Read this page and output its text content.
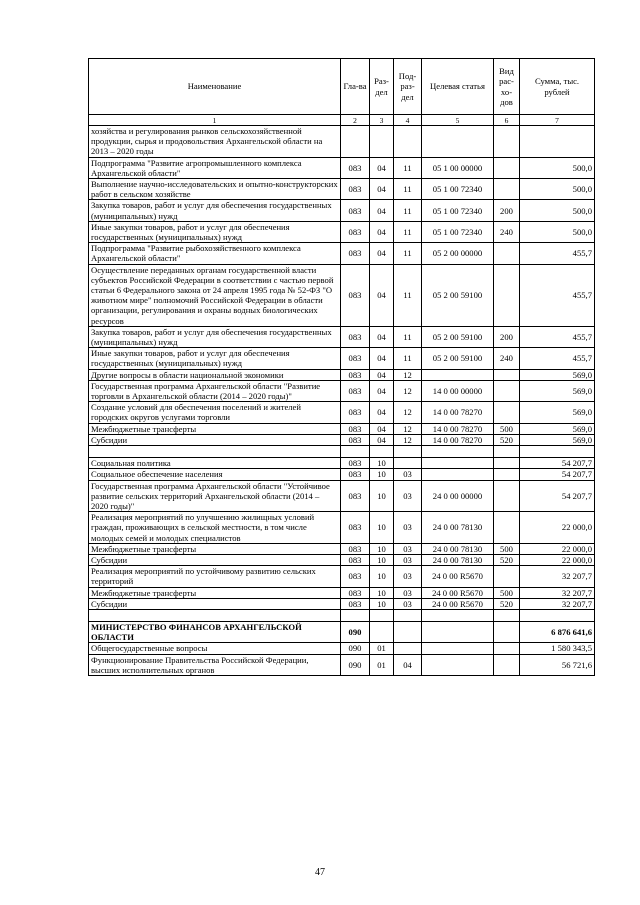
Наименование	Гла-ва	Раз-дел	Под-раз-дел	Целевая статья	Вид рас-хо-дов	Сумма, тыс. рублей
1	2	3	4	5	6	7
хозяйства и регулирования рынков сельскохозяйственной продукции, сырья и продовольствия Архангельской области на 2013 – 2020 годы						
Подпрограмма "Развитие агропромышленного комплекса Архангельской области"	083	04	11	05 1 00 00000		500,0
Выполнение научно-исследовательских и опытно-конструкторских работ в сельском хозяйстве	083	04	11	05 1 00 72340		500,0
Закупка товаров, работ и услуг для обеспечения государственных (муниципальных) нужд	083	04	11	05 1 00 72340	200	500,0
Иные закупки товаров, работ и услуг для обеспечения государственных (муниципальных) нужд	083	04	11	05 1 00 72340	240	500,0
Подпрограмма "Развитие рыбохозяйственного комплекса Архангельской области"	083	04	11	05 2 00 00000		455,7
Осуществление переданных органам государственной власти субъектов Российской Федерации в соответствии с частью первой статьи 6 Федерального закона от 24 апреля 1995 года № 52-ФЗ "О животном мире" полномочий Российской Федерации в области организации, регулирования и охраны водных биологических ресурсов	083	04	11	05 2 00 59100		455,7
Закупка товаров, работ и услуг для обеспечения государственных (муниципальных) нужд	083	04	11	05 2 00 59100	200	455,7
Иные закупки товаров, работ и услуг для обеспечения государственных (муниципальных) нужд	083	04	11	05 2 00 59100	240	455,7
Другие вопросы в области национальной экономики	083	04	12			569,0
Государственная программа Архангельской области "Развитие торговли в Архангельской области (2014 – 2020 годы)"	083	04	12	14 0 00 00000		569,0
Создание условий для обеспечения поселений и жителей городских округов услугами торговли	083	04	12	14 0 00 78270		569,0
Межбюджетные трансферты	083	04	12	14 0 00 78270	500	569,0
Субсидии	083	04	12	14 0 00 78270	520	569,0

Социальная политика	083	10				54 207,7
Социальное обеспечение населения	083	10	03			54 207,7
Государственная программа Архангельской области "Устойчивое развитие сельских территорий Архангельской области (2014 – 2020 годы)"	083	10	03	24 0 00 00000		54 207,7
Реализация мероприятий по улучшению жилищных условий граждан, проживающих в сельской местности, в том числе молодых семей и молодых специалистов	083	10	03	24 0 00 78130		22 000,0
Межбюджетные трансферты	083	10	03	24 0 00 78130	500	22 000,0
Субсидии	083	10	03	24 0 00 78130	520	22 000,0
Реализация мероприятий по устойчивому развитию сельских территорий	083	10	03	24 0 00 R5670		32 207,7
Межбюджетные трансферты	083	10	03	24 0 00 R5670	500	32 207,7
Субсидии	083	10	03	24 0 00 R5670	520	32 207,7

МИНИСТЕРСТВО ФИНАНСОВ АРХАНГЕЛЬСКОЙ ОБЛАСТИ	090					6 876 641,6
Общегосударственные вопросы	090	01				1 580 343,5
Функционирование Правительства Российской Федерации, высших исполнительных органов	090	01	04			56 721,6
47
